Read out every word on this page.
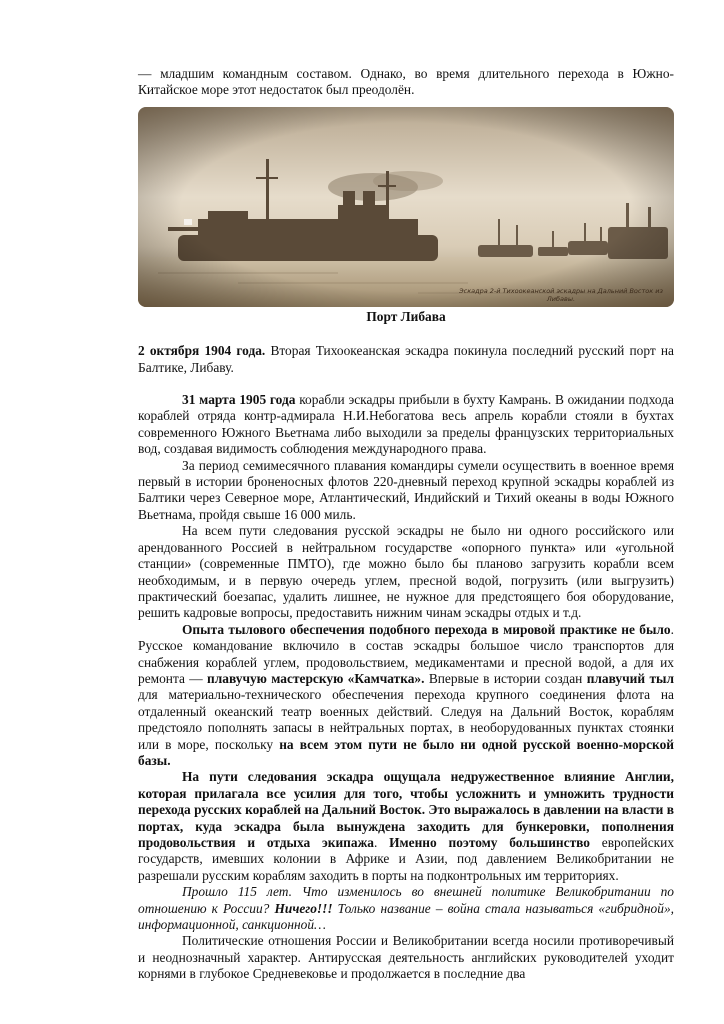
— младшим командным составом. Однако, во время длительного перехода в Южно-Китайское море этот недостаток был преодолён.

Эскадра 2-й Тихоокеанской эскадры на Дальний Восток из Либавы.

Порт Либава

2 октября 1904 года. Вторая Тихоокеанская эскадра покинула последний русский порт на Балтике, Либаву.

31 марта 1905 года корабли эскадры прибыли в бухту Камрань. В ожидании подхода кораблей отряда контр-адмирала Н.И.Небогатова весь апрель корабли стояли в бухтах современного Южного Вьетнама либо выходили за пределы французских территориальных вод, создавая видимость соблюдения международного права.

За период семимесячного плавания командиры сумели осуществить в военное время первый в истории броненосных флотов 220-дневный переход крупной эскадры кораблей из Балтики через Северное море, Атлантический, Индийский и Тихий океаны в воды Южного Вьетнама, пройдя свыше 16 000 миль.

На всем пути следования русской эскадры не было ни одного российского или арендованного Россией в нейтральном государстве «опорного пункта» или «угольной станции» (современные ПМТО), где можно было бы планово загрузить корабли всем необходимым, и в первую очередь углем, пресной водой, погрузить (или выгрузить) практический боезапас, удалить лишнее, не нужное для предстоящего боя оборудование, решить кадровые вопросы, предоставить нижним чинам эскадры отдых и т.д.

Опыта тылового обеспечения подобного перехода в мировой практике не было. Русское командование включило в состав эскадры большое число транспортов для снабжения кораблей углем, продовольствием, медикаментами и пресной водой, а для их ремонта — плавучую мастерскую «Камчатка». Впервые в истории создан плавучий тыл для материально-технического обеспечения перехода крупного соединения флота на отдаленный океанский театр военных действий. Следуя на Дальний Восток, кораблям предстояло пополнять запасы в нейтральных портах, в необорудованных пунктах стоянки или в море, поскольку на всем этом пути не было ни одной русской военно-морской базы.

На пути следования эскадра ощущала недружественное влияние Англии, которая прилагала все усилия для того, чтобы усложнить и умножить трудности перехода русских кораблей на Дальний Восток. Это выражалось в давлении на власти в портах, куда эскадра была вынуждена заходить для бункеровки, пополнения продовольствия и отдыха экипажа. Именно поэтому большинство европейских государств, имевших колонии в Африке и Азии, под давлением Великобритании не разрешали русским кораблям заходить в порты на подконтрольных им территориях.

Прошло 115 лет. Что изменилось во внешней политике Великобритании по отношению к России? Ничего!!! Только название – война стала называться «гибридной», информационной, санкционной…

Политические отношения России и Великобритании всегда носили противоречивый и неоднозначный характер. Антирусская деятельность английских руководителей уходит корнями в глубокое Средневековье и продолжается в последние два
